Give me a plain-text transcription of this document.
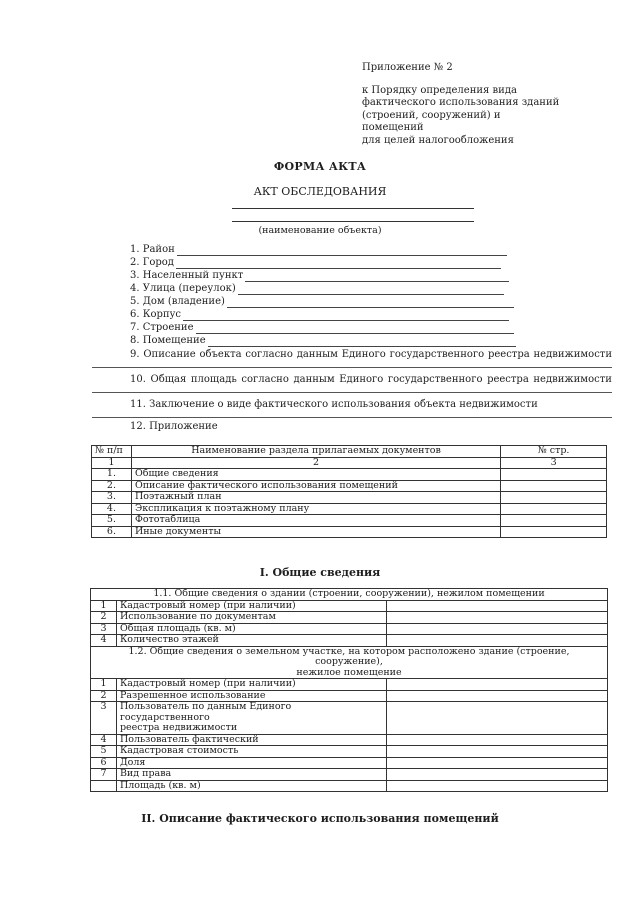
Приложение № 2
к Порядку определения вида
фактического использования зданий
(строений, сооружений) и помещений
для целей налогообложения
ФОРМА АКТА
АКТ ОБСЛЕДОВАНИЯ
(наименование объекта)
1. Район
2. Город
3. Населенный пункт
4. Улица (переулок)
5. Дом (владение)
6. Корпус
7. Строение
8. Помещение
9. Описание объекта согласно данным Единого государственного реестра недвижимости
10. Общая площадь согласно данным Единого государственного реестра недвижимости
11. Заключение о виде фактического использования объекта недвижимости
12. Приложение
№ п/п	Наименование раздела прилагаемых документов	№ стр.
1	2	3
1.	Общие сведения	
2.	Описание фактического использования помещений	
3.	Поэтажный план	
4.	Экспликация к поэтажному плану	
5.	Фототаблица	
6.	Иные документы	
I. Общие сведения
1.1. Общие сведения о здании (строении, сооружении), нежилом помещении		
1	Кадастровый номер (при наличии)	
2	Использование по документам	
3	Общая площадь (кв. м)	
4	Количество этажей	
1.2. Общие сведения о земельном участке, на котором расположено здание (строение, сооружение),
нежилое помещение		
1	Кадастровый номер (при наличии)	
2	Разрешенное использование	
3	Пользователь по данным Единого государственного
реестра недвижимости	
4	Пользователь фактический	
5	Кадастровая стоимость	
6	Доля	
7	Вид права	
	Площадь (кв. м)	
II. Описание фактического использования помещений
